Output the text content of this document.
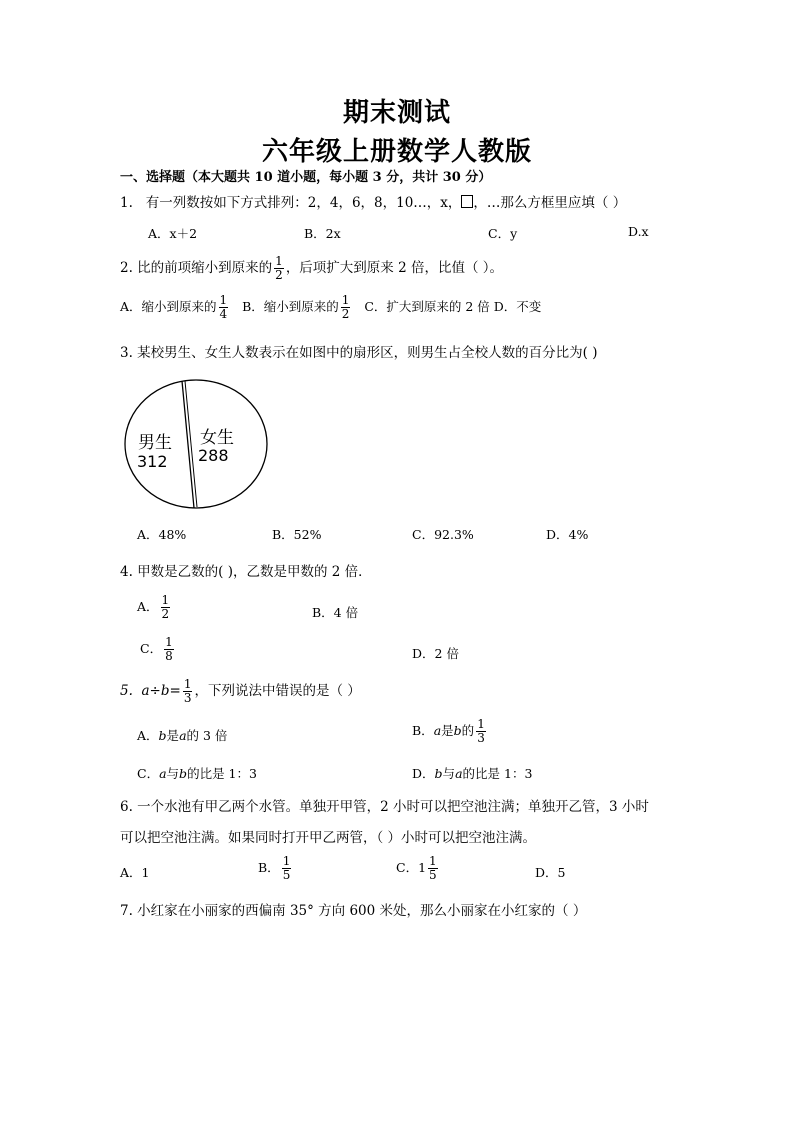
期末测试
六年级上册数学人教版
一、选择题（本大题共 10 道小题，每小题 3 分，共计 30 分）
1. 有一列数按如下方式排列：2，4，6，8，10…，x， ，…那么方框里应填（ ）
A．x＋2	B．2x	C．y	D.x
2. 比的前项缩小到原来的 $\frac{1}{2}$ ，后项扩大到原来 2 倍，比值（ ）。
A．缩小到原来的 $\frac{1}{4}$ B．缩小到原来的 $\frac{1}{2}$ C．扩大到原来的 2 倍 D．不变
3. 某校男生、女生人数表示在如图中的扇形区，则男生占全校人数的百分比为( )
男生
312
女生
288
A．48%	B．52%	C．92.3%	D．4%
4. 甲数是乙数的( )，乙数是甲数的 2 倍．
A． $\frac{1}{2}$	B．4 倍
C． $\frac{1}{8}$	D．2 倍
5. $a\div b= \frac{1}{3}$ ，下列说法中错误的是（ ）
A．b是a的 3 倍	B．a是b的 $\frac{1}{3}$
C．a与b的比是 1：3	D．b与a的比是 1：3
6. 一个水池有甲乙两个水管。单独开甲管，2 小时可以把空池注满；单独开乙管，3 小时
可以把空池注满。如果同时打开甲乙两管，（ ）小时可以把空池注满。
A．1	B． $\frac{1}{5}$	C．$1 \frac{1}{5}$	D．5
7. 小红家在小丽家的西偏南 35° 方向 600 米处，那么小丽家在小红家的（ ）
